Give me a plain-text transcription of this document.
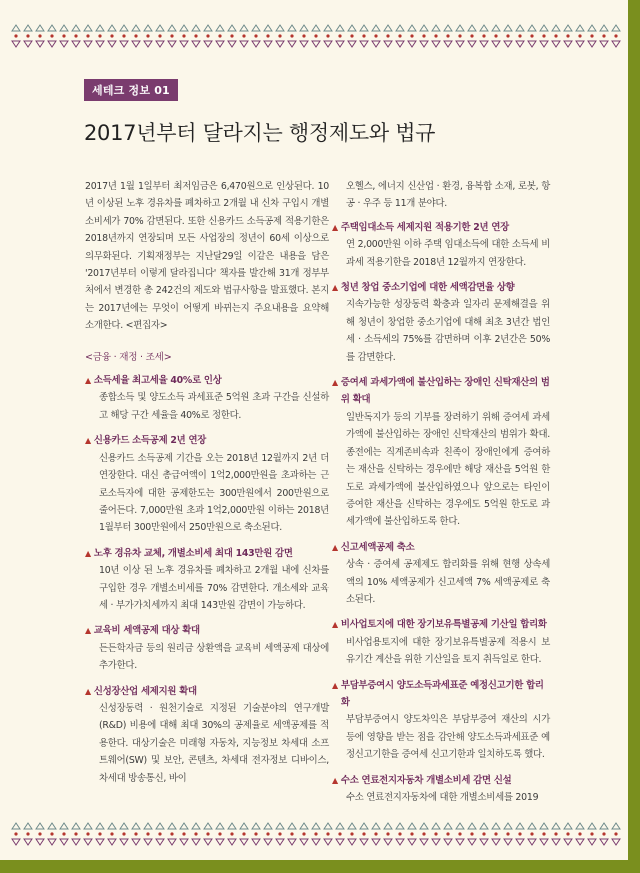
세테크 정보 01
2017년부터 달라지는 행정제도와 법규

2017년 1월 1일부터 최저임금은 6,470원으로 인상된다. 10년 이상된 노후 경유차를 폐차하고 2개월 내 신차 구입시 개별소비세가 70% 감면된다. 또한 신용카드 소득공제 적용기한은 2018년까지 연장되며 모든 사업장의 정년이 60세 이상으로 의무화된다. 기획재정부는 지난달29일 이같은 내용을 담은 '2017년부터 이렇게 달라집니다' 책자를 발간해 31개 정부부처에서 변경한 총 242건의 제도와 법규사항을 발표했다. 본지는 2017년에는 무엇이 어떻게 바뀌는지 주요내용을 요약해 소개한다. <편집자>

<금융 · 재정 · 조세>
▲ 소득세율 최고세율 40%로 인상

종합소득 및 양도소득 과세표준 5억원 초과 구간을 신설하고 해당 구간 세율을 40%로 정한다.

▲ 신용카드 소득공제 2년 연장

신용카드 소득공제 기간을 오는 2018년 12월까지 2년 더 연장한다. 대신 총급여액이 1억2,000만원을 초과하는 근로소득자에 대한 공제한도는 300만원에서 200만원으로 줄어든다. 7,000만원 초과 1억2,000만원 이하는 2018년 1월부터 300만원에서 250만원으로 축소된다.

▲ 노후 경유차 교체, 개별소비세 최대 143만원 감면

10년 이상 된 노후 경유차를 폐차하고 2개월 내에 신차를 구입한 경우 개별소비세를 70% 감면한다. 개소세와 교육세 · 부가가치세까지 최대 143만원 감면이 가능하다.

▲ 교육비 세액공제 대상 확대

든든학자금 등의 원리금 상환액을 교육비 세액공제 대상에 추가한다.

▲ 신성장산업 세제지원 확대

신성장동력 · 원천기술로 지정된 기술분야의 연구개발(R&D) 비용에 대해 최대 30%의 공제율로 세액공제를 적용한다. 대상기술은 미래형 자동차, 지능정보 차세대 소프트웨어(SW) 및 보안, 콘텐츠, 차세대 전자정보 디바이스, 차세대 방송통신, 바이

오헬스, 에너지 신산업 · 환경, 융복합 소재, 로봇, 항공 · 우주 등 11개 분야다.

▲ 주택임대소득 세제지원 적용기한 2년 연장

연 2,000만원 이하 주택 임대소득에 대한 소득세 비과세 적용기한을 2018년 12월까지 연장한다.

▲ 청년 창업 중소기업에 대한 세액감면율 상향

지속가능한 성장동력 확충과 일자리 문제해결을 위해 청년이 창업한 중소기업에 대해 최초 3년간 법인세 · 소득세의 75%를 감면하며 이후 2년간은 50%를 감면한다.

▲ 증여세 과세가액에 불산입하는 장애인 신탁재산의 범위 확대

일반독지가 등의 기부를 장려하기 위해 증여세 과세가액에 불산입하는 장애인 신탁재산의 범위가 확대. 종전에는 직계존비속과 친족이 장애인에게 증여하는 재산을 신탁하는 경우에만 해당 재산을 5억원 한도로 과세가액에 불산입하였으나 앞으로는 타인이 증여한 재산을 신탁하는 경우에도 5억원 한도로 과세가액에 불산입하도록 한다.

▲ 신고세액공제 축소

상속 · 증여세 공제제도 합리화를 위해 현행 상속세액의 10% 세액공제가 신고세액 7% 세액공제로 축소된다.

▲ 비사업토지에 대한 장기보유특별공제 기산일 합리화

비사업용토지에 대한 장기보유특별공제 적용시 보유기간 계산을 위한 기산일을 토지 취득일로 한다.

▲ 부담부증여시 양도소득과세표준 예정신고기한 합리화

부담부증여시 양도차익은 부담부증여 재산의 시가 등에 영향을 받는 점을 감안해 양도소득과세표준 예정신고기한을 증여세 신고기한과 일치하도록 했다.

▲ 수소 연료전지자동차 개별소비세 감면 신설

수소 연료전지자동차에 대한 개별소비세를 2019
